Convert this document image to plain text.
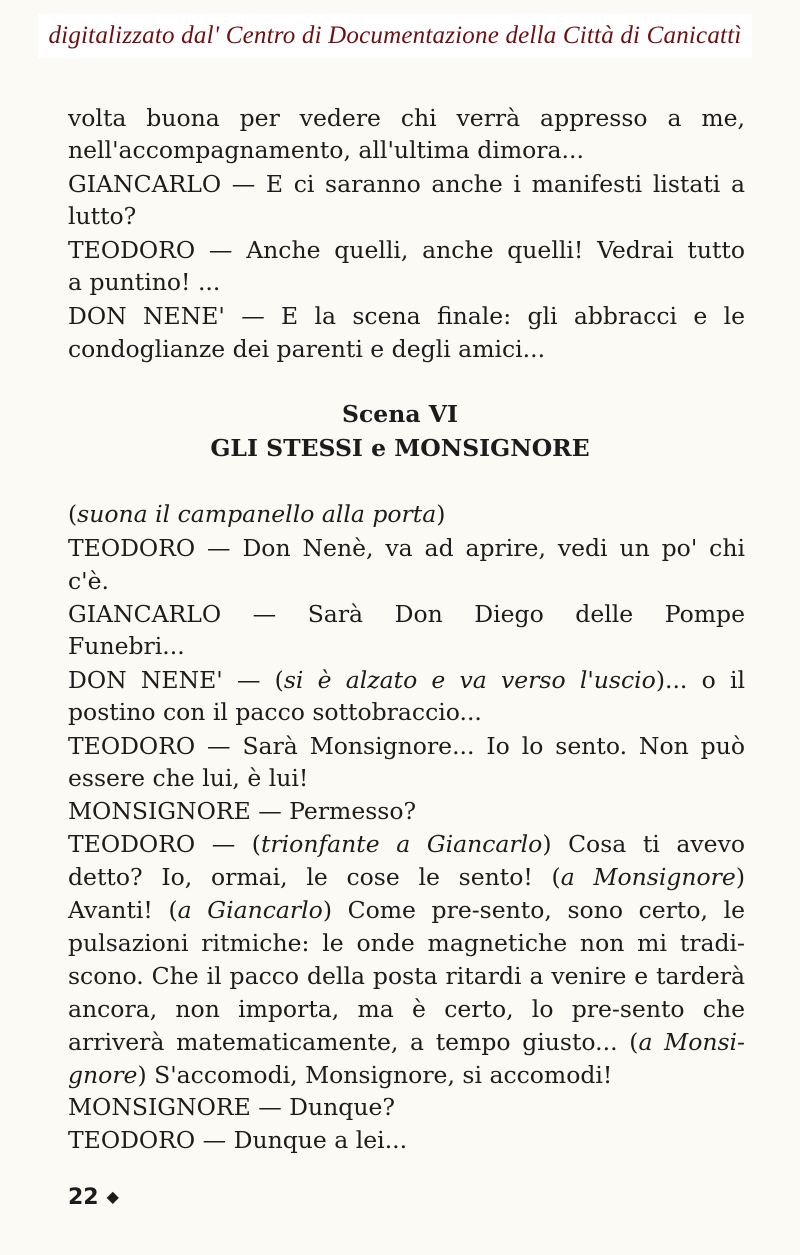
digitalizzato dal' Centro di Documentazione della Città di Canicattì
volta buona per vedere chi verrà appresso a me,
nell'accompagnamento, all'ultima dimora...
GIANCARLO — E ci saranno anche i manifesti listati a
lutto?
TEODORO — Anche quelli, anche quelli! Vedrai tutto
a puntino! ...
DON NENE' — E la scena finale: gli abbracci e le
condoglianze dei parenti e degli amici...
Scena VI
GLI STESSI e MONSIGNORE
(suona il campanello alla porta)
TEODORO — Don Nenè, va ad aprire, vedi un po' chi
c'è.
GIANCARLO — Sarà Don Diego delle Pompe
Funebri...
DON NENE' — (si è alzato e va verso l'uscio)... o il
postino con il pacco sottobraccio...
TEODORO — Sarà Monsignore... Io lo sento. Non può
essere che lui, è lui!
MONSIGNORE — Permesso?
TEODORO — (trionfante a Giancarlo) Cosa ti avevo
detto? Io, ormai, le cose le sento! (a Monsignore)
Avanti! (a Giancarlo) Come pre-sento, sono certo, le
pulsazioni ritmiche: le onde magnetiche non mi tradi-
scono. Che il pacco della posta ritardi a venire e tarderà
ancora, non importa, ma è certo, lo pre-sento che
arriverà matematicamente, a tempo giusto... (a Monsi-
gnore) S'accomodi, Monsignore, si accomodi!
MONSIGNORE — Dunque?
TEODORO — Dunque a lei...
22 ◆
